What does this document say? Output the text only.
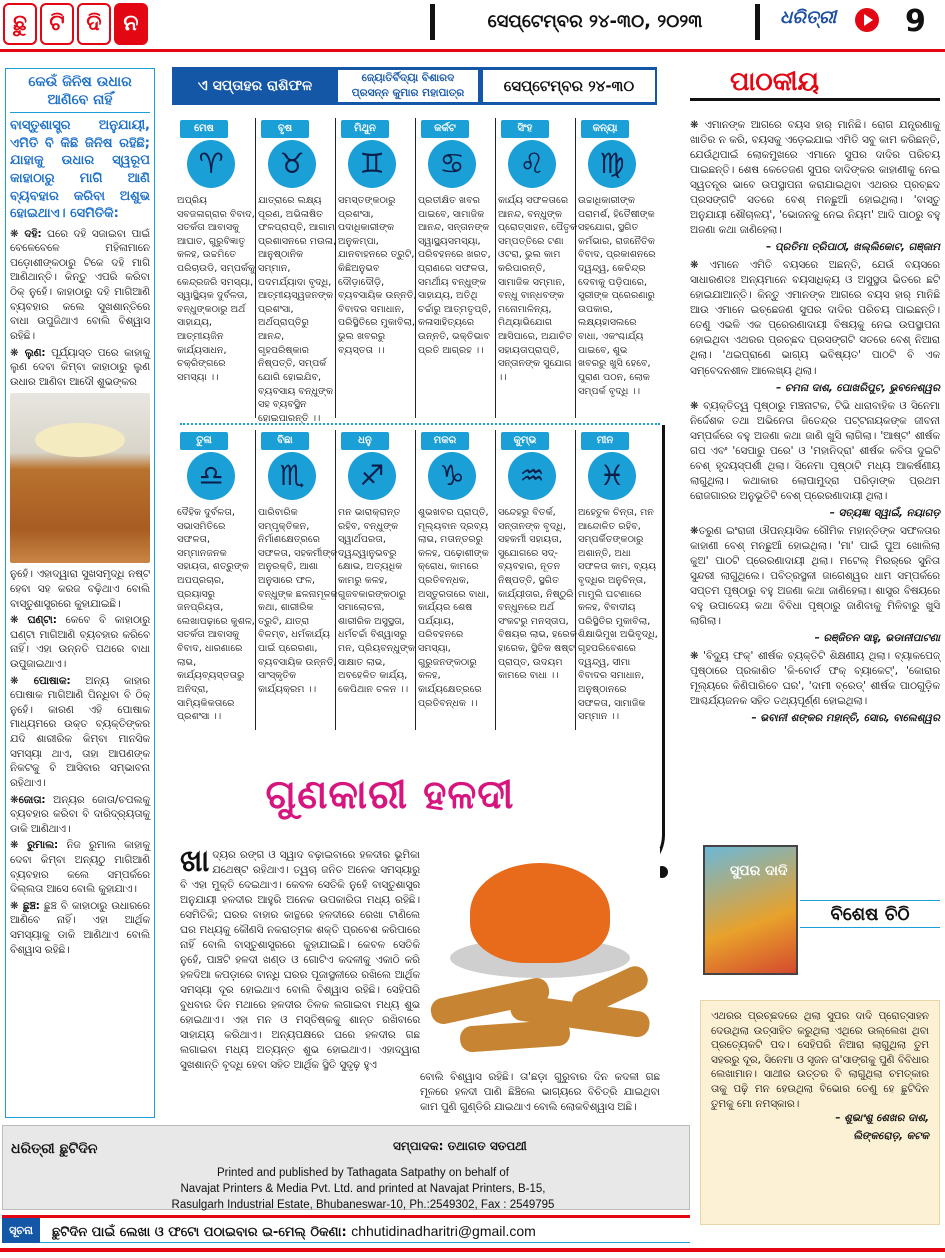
ଛୁ	ଟି ଦି ନ	ସେପ୍ଟେମ୍ବର ୨୪-୩୦, ୨୦୨୩	ଧରିତ୍ରୀ 9
କେଉଁ ଜିନିଷ ଉଧାର ଆଣିବେ ନାହିଁ
ବାସ୍ତୁଶାସ୍ତ୍ର ଅନୁଯାୟୀ, ଏମିତି ବି କିଛି ଜିନିଷ ରହିଛି; ଯାହାକୁ ଉଧାର ସ୍ୱରୂପ କାହାଠାରୁ ମାଗି ଆଣି ବ୍ୟବହାର କରିବା ଅଶୁଭ ହୋଇଥାଏ। ସେମିତିକି:

❋ ଦହି: ଘରେ ଦହି ସଜାଇବା ପାଇଁ ବେଳେବେଳେ ମହିଳାମାନେ ପଡ଼ୋଶୀଙ୍କଠାରୁ ଟିକେ ଦହି ମାଗି ଆଣିଥାନ୍ତି। କିନ୍ତୁ ଏପରି କରିବା ଠିକ୍ ନୁହେଁ। କାହାଠାରୁ ଦହି ମାଗିଆଣି ବ୍ୟବହାର କଲେ ସୁଖଶାନ୍ତିରେ ବାଧା ଉପୁଜିଥାଏ ବୋଲି ବିଶ୍ୱାସ ରହିଛି।

❋ ଲୁଣ: ପୂର୍ଯ୍ୟାସ୍ତ ପରେ କାହାକୁ ଲୁଣ ଦେବା କିମ୍ବା କାହାଠାରୁ ଲୁଣ ଉଧାର ଆଣିବା ଆଦୌ ଶୁଭଙ୍କର

ନୁହେଁ। ଏହାଦ୍ୱାରା ସୁଖସମୃଦ୍ଧି ନଷ୍ଟ ହେବା ସହ କରଜ ବଢ଼ିଥାଏ ବୋଲି ବାସ୍ତୁଶାସ୍ତ୍ରରେ କୁହାଯାଇଛି।

❋ ଘଣ୍ଟା: କେବେ ବି କାହାଠାରୁ ଘଣ୍ଟା ମାଗିଆଣି ବ୍ୟବହାର କରିବେ ନାହିଁ। ଏହା ଉନ୍ନତି ପଥରେ ବାଧା ଉପୁଜାଇଥାଏ।

❋ ପୋଷାକ: ଅନ୍ୟ କାହାର ପୋଷାକ ମାଗିଆଣି ପିନ୍ଧିବା ବି ଠିକ୍ ନୁହେଁ। କାରଣ ଏହି ପୋଷାକ ମାଧ୍ୟମରେ ଉକ୍ତ ବ୍ୟକ୍ତିଙ୍କର ଯଦି ଶାରୀରିକ କିମ୍ବା ମାନସିକ ସମସ୍ୟା ଥାଏ, ତାହା ଆପଣଙ୍କ ନିକଟକୁ ବି ଆସିବାର ସମ୍ଭାବନା ରହିଥାଏ।

❋ଜୋତା: ଅନ୍ୟର ଜୋତା/ଚପଲକୁ ବ୍ୟବହାର କରିବା ବି ଦାରିଦ୍ର୍ୟତାକୁ ଡାକି ଆଣିଥାଏ।

❋ ରୁମାଲ: ନିଜ ରୁମାଲ କାହାକୁ ଦେବା କିମ୍ବା ଅନ୍ୟଠୁ ମାଗିଆଣି ବ୍ୟବହାର କଲେ ସମ୍ପର୍କରେ ଦିଲ୍ଲତା ଆସେ ବୋଲି କୁହାଯାଏ।

❋ ଛୁଞ୍ଚ: ଛୁଞ୍ଚ ବି କାହାଠାରୁ ଉଧାରରେ ଆଣିବେ ନାହିଁ। ଏହା ଆର୍ଥିକ ସମସ୍ୟାକୁ ଡାକି ଆଣିଥାଏ ବୋଲି ବିଶ୍ୱାସ ରହିଛି।

ଏ ସପ୍ତାହର ରାଶିଫଳ	ଜ୍ୟୋତିର୍ବିଦ୍ୟା ବିଶାରଦ
ପ୍ରସନ୍ନ କୁମାର ମହାପାତ୍ର	ସେପ୍ଟେମ୍ବର ୨୪-୩୦
ମେଷ
♈
ଅପ୍ରିୟ ସବଜଳାଗ୍ରାର ବିବାଦ, ସତର୍କତା ଆବାସକୁ ଆଘାତ, ଗୁରୁବିଜ୍ଞାତୃ କଳହ, ଉଚ୍ଚମିତେ ପରିଚାଉଡି, ସମ୍ପର୍କକୁ କେନ୍ଦ୍ରଜରି ସମସ୍ୟା, ସ୍ୱାସ୍ଥ୍ୟିକ ଦୁର୍ବଳତା, ବନ୍ଧୁଙ୍କଠାରୁ ଅର୍ଥ ସାହାଯ୍ୟ, ଆତ୍ମୀୟଜିନ କାର୍ଯ୍ୟସାଧନ, ଚକ୍ରିଙ୍ଗରେ ସମସ୍ୟା ।।
ବୃଷ
♉
ଯାତ୍ରାରେ ଲକ୍ଷ୍ୟ ପୂରଣ, ଅଭିଳାଷିତ ଫଳପ୍ରାପ୍ତି, ଆଗାମ ପ୍ରଶାସନରେ ମଉଳା, ଆନୁଷ୍ଠାନିକ ସମ୍ମାନ, ପଦମର୍ଯ୍ୟାଦା ବୃଦ୍ଧି, ଆତ୍ମୀୟସ୍ୱଜନଙ୍କ ପ୍ରଶଂସା, ଅର୍ଥପ୍ରାପ୍ତିରୁ ଆନନ୍ଦ, ଗୃହପରିଷ୍କାର ନିଷ୍ପତ୍ତି, ସମ୍ପର୍କ ଯୋଗି ହୋଇଯିବ, ବ୍ୟବସାୟ ବନ୍ଧୁଙ୍କ ସହ ବ୍ୟବସ୍ଥିନ ହୋଇପାରନ୍ତି ।।
ମିଥୁନ
♊
ସମସ୍ତଙ୍କଠାରୁ ପ୍ରଶଂସା, ପଦାଧିକାରୀଙ୍କ ଅନୁକମ୍ପା, ଯାନବାହନରେ ତ୍ରୁଟି, କିଛିଅନୁଭବ ଦୌଡ଼ାଦୌଡ଼ି, ବ୍ୟବସାୟିକ ଉନ୍ନତି, ବିବାଦର ସମାଧାନ, ପରିସ୍ଥିତିରେ ମୁକାବିଲା, ଭୁଲ ଖବରରୁ ବ୍ୟସ୍ତତା ।।
କର୍କଟ
♋
ପ୍ରତୀକ୍ଷିତ ଖବର ପାଇବେ, ସାମାଜିକ ଆନନ୍ଦ, ସନ୍ତାନଙ୍କ ସ୍ୱାସ୍ଥ୍ୟସମସ୍ୟା, ପରିବହନରେ ଖରଚ, ପ୍ରାଣରେ ସଫଳତା, ସମର୍ଥୀୟ ବନ୍ଧୁଙ୍କ ସାହାଯ୍ୟ, ଅତିଥି ଚର୍ଚ୍ଚାରୁ ଆତ୍ମତୃପ୍ତି, କଳାସାହିତ୍ୟରେ ଉନ୍ନତି, ଭକ୍ତିଭାବ ପ୍ରତି ଆଗ୍ରହ ।।
ସିଂହ
♌
କାର୍ଯ୍ୟ ସଫଳତାରେ ଆନନ୍ଦ, ବନ୍ଧୁଙ୍କ ପ୍ରୋତ୍ସାହନ, ପୈତୃକ ସମ୍ପତ୍ତିରେ ଟଣା ଓଟରା, ଭୁଲ କାମ କରିପାରନ୍ତି, ସାମାଜିକ ସମ୍ମାନ, ବନ୍ଧୁ ବାନ୍ଧବଙ୍କ ମନୋମାଳିନ୍ୟ, ମିଥ୍ୟାଭିଯୋଗ ଆସିପାରେ, ଅଯାଚିତ ସହାୟତାପ୍ରାପ୍ତି, ସନ୍ତାନଙ୍କ ସୁଯୋଗ ।।
କନ୍ୟା
♍
ଉଚ୍ଚାଧିକାରୀଙ୍କ ପରାମର୍ଶ, ହିତୈଷୀଙ୍କ ସହଯୋଗ, ସ୍ଥଗିତ କର୍ମଭାର, ରାଜନୈତିକ ବିବାଦ, ପ୍ରକାଶନରେ ଦ୍ୱନ୍ଦ୍ୱ, କେଚିନ୍ଦ୍ର ଦେବାକୁ ପଡ଼ିପାରେ, ସ୍ତ୍ରୀଙ୍କ ପ୍ରେରଣାରୁ ଉପକାର, ଲକ୍ଷ୍ୟହାସଲରେ ବାଧା, ଏକଂଶ୍ଚାର୍ଯ୍ୟ ପାଇବେ, ଶୁଭ ଖବରରୁ ଖୁସି ହେବେ, ପୁରାଣ ପଠନ, ଲୋକ ସମ୍ପର୍କ ବୃଦ୍ଧି ।।
ତୁଳା
♎
ଦୈହିକ ଦୁର୍ବଳତା, ସଭାସମିତିରେ ସଫଳତା, ସମ୍ମାନଜନକ ସହାୟତା, ଶତ୍ରୁଙ୍କ ଅପପ୍ରଚାର, ପ୍ରୟାସରୁ ଜନପ୍ରିୟତା, ଲେଖାପଢ଼ାରେ କୁଶଳ, ସତର୍କତା ଆବାସକୁ ବିବାଦ, ଧାରଣାରେ ଲାଭ, କାର୍ଯ୍ୟବ୍ୟସ୍ତତାରୁ ଅନିଦ୍ରା, ସାମ୍ୟିକିକତାରେ ପ୍ରଶଂସା ।।
ବିଛା
♏
ପାରିବାରିକ ସମ୍ପୃକ୍ତିକନ, ନିର୍ମାଣକ୍ଷେତ୍ରରେ ସଫଳତା, ସହକର୍ମୀଙ୍କ ଅନୁରକ୍ତି, ଆଶା ଅନୁସାରେ ଫଳ, ବନ୍ଧୁଙ୍କ ଛଳନାମୂଳକ କଥା, ଶାରୀରିକ ତ୍ରୁଟି, ଯାତ୍ରା ବିଳମ୍ବ, ଧର୍ମକାର୍ଯ୍ୟ ପାଇଁ ପ୍ରେରଣା, ବ୍ୟବସାୟିକ ଉନ୍ନତି, ସାଂସ୍କୃତିକ କାର୍ଯ୍ୟକ୍ରମ ।।
ଧନୁ
♐
ମନ ଭାରାକ୍ରାନ୍ତ ରହିବ, ବନ୍ଧୁଙ୍କ ସ୍ୱାର୍ଥପରତା, ଦ୍ୱନ୍ଦ୍ୱାନୁଭବରୁ କ୍ଷୋଭ, ଅତ୍ୟଧିକ କାମରୁ କଳହ, ଗୁଜବକାରଙ୍କଠାରୁ ସମାଲୋଚନା, ଶାରୀରିକ ଅସୁସ୍ଥତା, ଧର୍ମଚର୍ଚ୍ଚା ବିଶ୍ୱାସରୁ ମନ, ପ୍ରିୟବନ୍ଧୁଙ୍କ ସାକ୍ଷାତ ଲାଭ, ଅବହେଳିତ କାର୍ଯ୍ୟ, କେପିଥାନ ଚଳନ ।।
ମକର
♑
ଶୁଭଖବର ପ୍ରାପ୍ତି, ମୂଲ୍ୟବାନ ଦ୍ରବ୍ୟ ଲାଭ, ମତାନ୍ତରରୁ କଳହ, ପଢ଼ୋଶୀଙ୍କ କ୍ରୋଧ, କାମରେ ପ୍ରତିବନ୍ଧକ, ଅସ୍ତୁରତାରେ ବାଧା, କାର୍ଯ୍ୟର ଶେଷ ପର୍ଯ୍ୟାୟ, ପରିବହନରେ ସମସ୍ୟା, ଗୁରୁଜନଙ୍କଠାରୁ କଳହ, କାର୍ଯ୍ୟକ୍ଷେତ୍ରରେ ପ୍ରତିବନ୍ଧକ ।।
କୁମ୍ଭ
♒
ସନ୍ଦେହରୁ ବିତର୍କ, ସନ୍ତାନଙ୍କ ବୃଦ୍ଧି, ସହକର୍ମୀ ସହାୟତା, ସୁଯୋଗରେ ସଦ୍-ବ୍ୟବହାର, ନୂତନ ନିଷ୍ପତ୍ତି, ସ୍ଥଗିତ କାର୍ଯ୍ୟୀତାର, ନିଷ୍ଠୁରି ବନ୍ଧୁନରେ ଅର୍ଥ ସଂକଟରୁ ମନସ୍ତାପ, ବିଷୟର ଲାଭ, ହରେକ ହାରେକ, ସ୍ଥିତିକ ଷଷ୍ଟ ପ୍ରାପ୍ତ, ଉଦୟମ କାମରେ ବାଧା ।।
ମୀନ
♓
ଅହେତୁକ ଚିନ୍ତା, ମନ ଆନ୍ଦୋଳିତ ରହିବ, ସମ୍ପର୍କିତଙ୍କଠାରୁ ଅଶାନ୍ତି, ଅଧା ସଫଳତା କାମ, ବ୍ୟୟ ବୃଦ୍ଧିର ଅନୁଚିନ୍ତା, ମାମୁଲି ଘଟଣାରେ କଳହ, ବିବାଦୀୟ ପରିସ୍ଥିତିର ମୁକାବିଲା, ଶିକ୍ଷାଭିମୁଖ ଅଭିବୃଦ୍ଧି, ଗୃହପରିବେଶରେ ଦ୍ୱନ୍ଦ୍ୱ, ସୀମା ବିବାଦର ସମାଧାନ, ଅନୁଷ୍ଠାନରେ ସଫଳତା, ସାମାଜିକ ସମ୍ମାନ ।।
ଗୁଣକାରୀ ହଳଦୀ
ଖାଦ୍ୟର ରଙ୍ଗ ଓ ସ୍ୱାଦ ବଢ଼ାଇବାରେ ହଳଦୀର ଭୂମିକା ଯଥେଷ୍ଟ ରହିଥାଏ। ତ୍ୱଚା ଜନିତ ଅନେକ ସମସ୍ୟାରୁ ବି ଏହା ମୁକ୍ତି ଦେଇଥାଏ। କେବଳ ସେତିକି ନୁହେଁ ବାସ୍ତୁଶାସ୍ତ୍ର ଅନୁଯାୟୀ ହଳଦୀର ଆହୁରି ଅନେକ ଉପକାରିତା ମଧ୍ୟ ରହିଛି। ସେମିତିକି; ଘରର ବାହାର କାନ୍ଥରେ ହଳଦୀରେ ରେଖା ଟାଣିଲେ ଘର ମଧ୍ୟକୁ କୌଣସି ନକରାତ୍ମକ ଶକ୍ତି ପ୍ରବେଶ କରିପାରେ ନାହିଁ ବୋଲି ବାସ୍ତୁଶାସ୍ତ୍ରରେ କୁହାଯାଇଛି। କେବଳ ସେତିକି ନୁହେଁ, ପାଞ୍ଚଟି ହଳଦୀ ଖଣ୍ଡ ଓ ଗୋଟିଏ କଦଳୀକୁ ଏକାଠି କରି ହଳଦିଆ କପଡ଼ାରେ ବାନ୍ଧି ଘରର ପୂଜାସ୍ଥଳୀରେ ରଖିଲେ ଆର୍ଥିକ ସମସ୍ୟା ଦୂର ହୋଇଥାଏ ବୋଲି ବିଶ୍ୱାସ ରହିଛି। ସେହିପରି ବୁଧବାର ଦିନ ମଥାରେ ହଳଦୀର ତିଳକ ଲଗାଇବା ମଧ୍ୟ ଶୁଭ ହୋଇଥାଏ। ଏହା ମନ ଓ ମସ୍ତିଷ୍କକୁ ଶାନ୍ତ ରଖିବାରେ ସାହାଯ୍ୟ କରିଥାଏ। ଅନ୍ୟପକ୍ଷରେ ଘରେ ହଳଦୀର ଗଛ ଲଗାଇବା ମଧ୍ୟ ଅତ୍ୟନ୍ତ ଶୁଭ ହୋଇଥାଏ। ଏହାଦ୍ୱାରା ସୁଖଶାନ୍ତି ବୃଦ୍ଧି ହେବା ସହିତ ଆର୍ଥିକ ସ୍ଥିତି ସୁଦୃଢ଼ ହୁଏ
ବୋଲି ବିଶ୍ୱାସ ରହିଛି। ତା'ଛଡ଼ା ଗୁରୁବାର ଦିନ କଦଳୀ ଗଛ ମୂଳରେ ହଳଦୀ ପାଣି ଛିଞ୍ଚିଲେ ଭାଗ୍ୟରେ ବିଚିତ୍ରି ଯାଇଥିବା କାମ ପୁଣି ଗୁଣ୍ଡିରି ଯାଇଥାଏ ବୋଲି ଲୋକବିଶ୍ୱାସ ଅଛି।
ପାଠକୀୟ

❋ ଏମାନଙ୍କ ଆଗରେ ବୟସ ହାର୍ ମାନିଛି। ରୋଗ ଯନ୍ତ୍ରଣାକୁ ଖାତିର ନ କରି, ବୟସକୁ ଏଡ଼େଇଯାଇ ଏମିତି ସବୁ କାମ କରିଛନ୍ତି, ଯେଉଁଥିପାଇଁ ଲୋକମୁଖରେ ଏମାନେ ସୁପର ଦାଦିର ପରିଚୟ ପାଇଛନ୍ତି। ଶେଷ କେତେଜଣ ସୁପର ଦାଦିଙ୍କର କାହାଣୀକୁ ନେଇ ସ୍ୱତନ୍ତ୍ର ଭାବେ ଉପସ୍ଥାପନା କରାଯାଇଥିବା ଏଥରର ପ୍ରଚ୍ଛଦ ପ୍ରସଙ୍ଗଟି ସତରେ ବେଶ୍ ମନଛୁଆଁ ହୋଇଥିଲା। 'ବାସ୍ତୁ ଅନୁଯାୟୀ ଶୌଚାଳୟ', 'ଭୋଜନକୁ ନେଇ ନିୟମ' ଆଦି ପାଠରୁ ବହୁ ଅଜଣା କଥା ଜାଣିହେଲା।

– ପ୍ରତିମା ତ୍ରିପାଠୀ, ଖଲ୍ଲିକୋଟ, ଗଞ୍ଜାମ

❋ ଏମାନେ ଏମିତି ବୟସରେ ଅଛନ୍ତି, ଯେଉଁ ବୟସରେ ସାଧାରଣତଃ ଅନ୍ୟମାନେ ବୟସାଧିକ୍ୟ ଓ ଅସୁସ୍ଥତା ଭିତରେ ଛଟି ହୋଇଯାଆନ୍ତି। କିନ୍ତୁ ଏମାନଙ୍କ ଆଗରେ ବୟସ ହାର୍ ମାନିଛି ଆଉ ଏମାନେ ଇଚ୍ଛେଜଣ ସୁପର ଦାଦିର ପରିଚୟ ପାଇଛନ୍ତି। ତେଣୁ ଏଭଳି ଏକ ପ୍ରେରଣାଦାୟୀ ବିଷୟକୁ ନେଇ ଉପସ୍ଥାପନା ହୋଇଥିବା ଏଥରର ପ୍ରଚ୍ଛଦ ପ୍ରସଙ୍ଗଟି ସତରେ ବେଶ୍ ନିଆରା ଥିଲା। 'ଥଇପ୍ରାଣେ ଭାଗ୍ୟ ଭବିଷ୍ୟତ' ପାଠଟି ବି ଏକ ସମ୍ବେଦନଶୀଳ ଆଲେଖ୍ୟ ଥିଲା।

– ଚମନା ଦାଶ, ପୋଖରିପୁଟ, ଭୁବନେଶ୍ୱର

❋ ବ୍ୟକ୍ତିତ୍ୱ ପୃଷ୍ଠାରୁ ମଞ୍ଚନାଟକ, ଟିଭି ଧାରାବାହିକ ଓ ସିନେମା ନିର୍ଦ୍ଦେଶକ ତଥା ଅଭିନେତା ଜିତେନ୍ଦ୍ର ପଟ୍ଟନାୟକଙ୍କ ଜୀବନୀ ସମ୍ପର୍କରେ ବହୁ ଅଜଣା କଥା ଜାଣି ଖୁସି ଲାଗିଲା। 'ଆଷ୍ଟ' ଶୀର୍ଷକ ଗପ ଏବଂ 'ସେପାରୁ ପରେ' ଓ 'ମହାନିଦ୍ରା' ଶୀର୍ଷକ କବିତା ଦୁଇଟି ବେଶ୍ ହୃଦୟସ୍ପର୍ଶୀ ଥିଲା। ସିନେମା ପୃଷ୍ଠାଟି ମଧ୍ୟ ଆକର୍ଷଣୀୟ ଲାଗୁଥିଲା। କଥାକାର ଲୋପାମୁଦ୍ରା ପରିଡ଼ାଙ୍କ ପ୍ରଥମ ରୋଜଗାରର ଅନୁଭୂତିଟି ବେଶ୍ ପ୍ରେରଣାଦାୟୀ ଥିଲା।

– ସତ୍ୟଜ୍ଞା ସ୍ୱାଇଁ, ନୟାଗଡ଼

❋ତରୁଣ ଇଂରାଜୀ ଔପନ୍ୟାସିକ ରୌମିକ ମହାନ୍ତିଙ୍କ ସଫଳତାର କାହାଣୀ ବେଶ୍ ମନଛୁଆଁ ହୋଇଥିଲା। 'ମା' ପାଇଁ ପୁଅ ଖୋଲିଲା କୁଅ' ପାଠଟି ପ୍ରେରଣାଦାୟୀ ଥିଲା। ମଟେଲ୍ ମିରର୍‌ରେ ସୁନିତା ସୁନ୍ଦରୀ ଲାଗୁଥିଲେ। ପବିତ୍ରସ୍ଥଳୀ ଜାଗେଶ୍ୱର ଧାମ ସମ୍ପର୍କରେ ସପ୍ତମ ପୃଷ୍ଠାରୁ ବହୁ ଅଜଣା କଥା ଜାଣିହେଲା। ଶାସ୍ତ୍ର ବିଷୟରେ ବହୁ ଉପାଦେୟ କଥା ବିବିଧା ପୃଷ୍ଠାରୁ ଜାଣିବାକୁ ମିଳିବାରୁ ଖୁସି ଲାଗିଲା।

– ରଞ୍ଜିତନ ସାହୁ, ଭଡାନୀପାଟଣା

❋ 'ବିଦ୍ୟୁ ଫକ୍' ଶୀର୍ଷକ ବ୍ୟକ୍ତିଟି ଶିକ୍ଷଣୀୟ ଥିଲା। ବ୍ୟାକପେଜ୍ ପୃଷ୍ଠାରେ ପ୍ରକାଶିତ 'କି-ବୋର୍ଡ ଫକ୍ ବ୍ୟାକେଟ୍', 'କୋରାର ମୂଲ୍ୟରେ କିଣିପାରିବେ ଘର', 'ଦାମୀ ବ୍ରେଡ୍' ଶୀର୍ଷକ ପାଠଗୁଡ଼ିକ ଆଶ୍ଚର୍ଯ୍ୟଜନକ ସହିତ ତଥ୍ୟପୂର୍ଣ୍ଣ ହୋଇଥିଲା।

– ଭବାନୀ ଶଙ୍କର ମହାନ୍ତି, ସୋର, ବାଲେଶ୍ୱର
ସୁପର ଦାଦି
ବିଶେଷ ଚିଠି

ଏଥରର ପ୍ରଚ୍ଛଦରେ ଥିଲା ସୁପର ଦାଦି ପ୍ରୋତ୍ସାହନ ଦେଉଥିଲା ଉତ୍ସାହିତ କରୁଥିଲା ଏଥିରେ ଉଲ୍ଲେଖ ଥିବା ପ୍ରତ୍ୟେକଟି ପଦ। ସେହିପରି ନିଆରା ଲାଗୁଥିଲା ତୁମ ସହରରୁ ଦୂର, ସିନେମା ଓ ସୃଜନ ତା'ସାଙ୍ଗକୁ ପୁଣି ବିବିଧାର ଲେଖାମାନ। ସାଥୀର ଉତ୍ତର ବି ଲାଗୁଥିଲା ଚମତ୍କାର ତାକୁ ପଢ଼ି ମନ ହେଉଥିଲା ବିଭୋର ତେଣୁ ହେ ଛୁଟିଦିନ ତୁମକୁ ମୋ ନମସ୍କାର।

– ଶୁଭାଂଶୁ ଶେଖର ଦାଶ,
ଲିଙ୍କରୋଡ଼, କଟକ
ଧରିତ୍ରୀ ଛୁଟିଦିନ	ସମ୍ପାଦକ: ତଥାଗତ ସତପଥୀ
Printed and published by Tathagata Satpathy on behalf of
Navajat Printers & Media Pvt. Ltd. and printed at Navajat Printers, B-15,
Rasulgarh Industrial Estate, Bhubaneswar-10, Ph.:2549302, Fax : 2549795
ସୂଚନା	ଛୁଟିଦିନ ପାଇଁ ଲେଖା ଓ ଫଟୋ ପଠାଇବାର ଇ-ମେଲ୍ ଠିକଣା: chhutidinadharitri@gmail.com
